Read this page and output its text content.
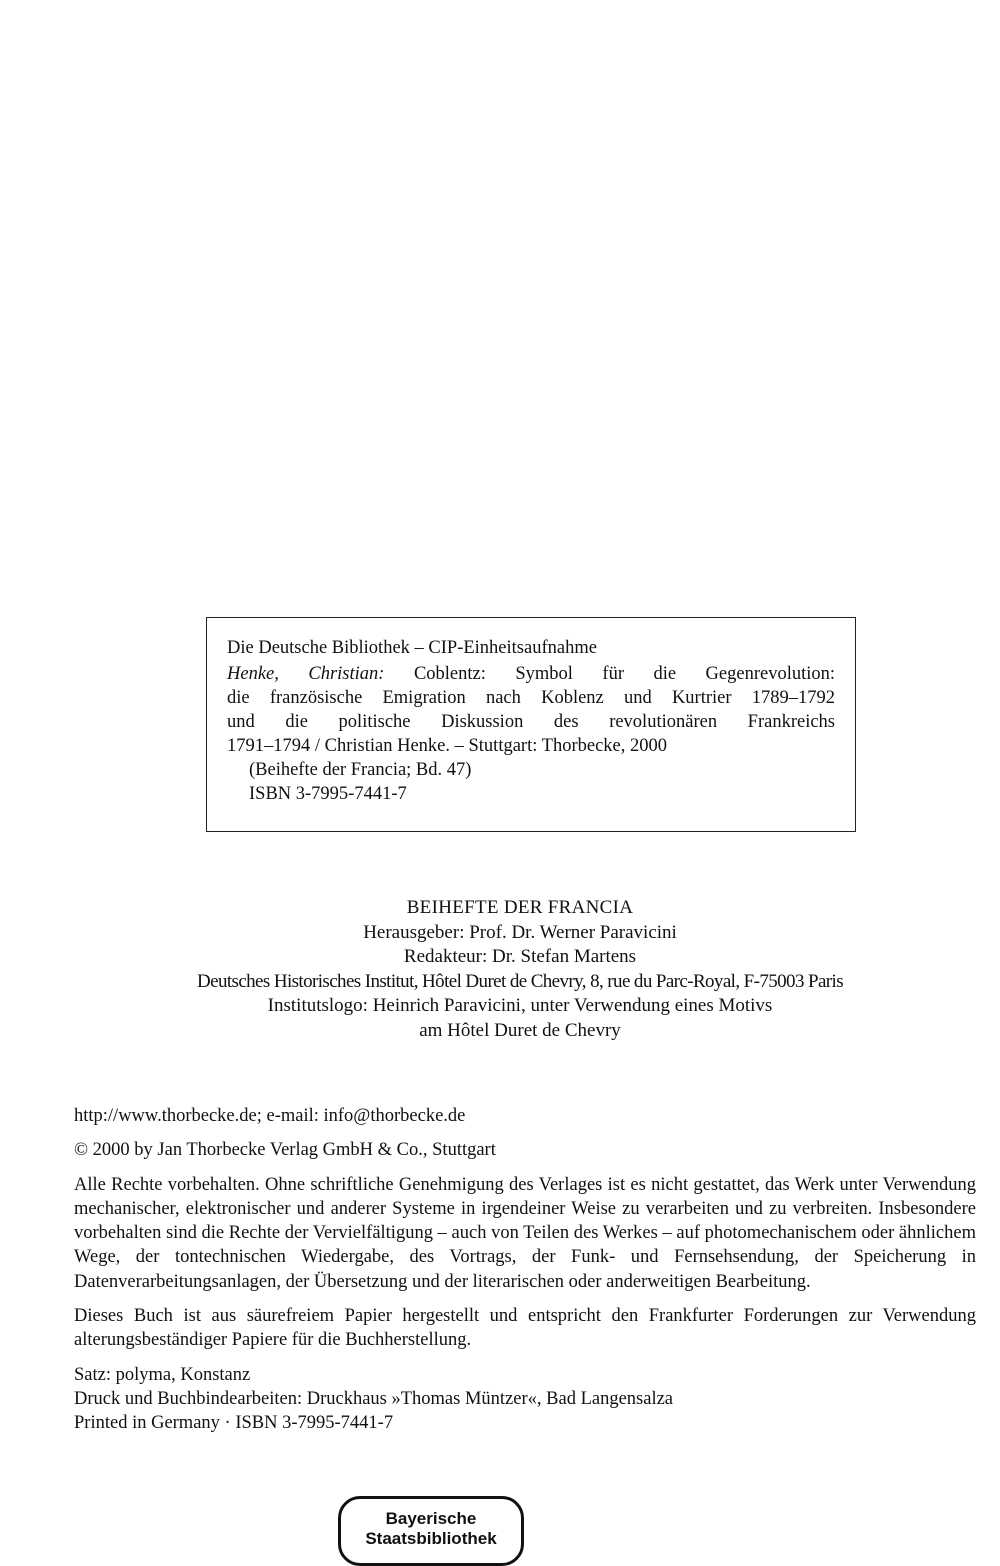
Die Deutsche Bibliothek – CIP-Einheitsaufnahme
Henke, Christian: Coblentz: Symbol für die Gegenrevolution:
die französische Emigration nach Koblenz und Kurtrier 1789–1792
und die politische Diskussion des revolutionären Frankreichs
1791–1794 / Christian Henke. – Stuttgart: Thorbecke, 2000
(Beihefte der Francia; Bd. 47)
ISBN 3-7995-7441-7
BEIHEFTE DER FRANCIA
Herausgeber: Prof. Dr. Werner Paravicini
Redakteur: Dr. Stefan Martens
Deutsches Historisches Institut, Hôtel Duret de Chevry, 8, rue du Parc-Royal, F-75003 Paris
Institutslogo: Heinrich Paravicini, unter Verwendung eines Motivs
am Hôtel Duret de Chevry

http://www.thorbecke.de; e-mail: info@thorbecke.de

© 2000 by Jan Thorbecke Verlag GmbH & Co., Stuttgart

Alle Rechte vorbehalten. Ohne schriftliche Genehmigung des Verlages ist es nicht gestattet, das Werk unter Verwendung mechanischer, elektronischer und anderer Systeme in irgendeiner Weise zu verarbeiten und zu verbreiten. Insbesondere vorbehalten sind die Rechte der Vervielfältigung – auch von Teilen des Werkes – auf photomechanischem oder ähnlichem Wege, der tontechnischen Wiedergabe, des Vortrags, der Funk- und Fernsehsendung, der Speicherung in Datenverarbeitungsanlagen, der Übersetzung und der literarischen oder anderweitigen Bearbeitung.

Dieses Buch ist aus säurefreiem Papier hergestellt und entspricht den Frankfurter Forderungen zur Verwendung alterungsbeständiger Papiere für die Buchherstellung.

Satz: polyma, Konstanz

Druck und Buchbindearbeiten: Druckhaus »Thomas Müntzer«, Bad Langensalza

Printed in Germany · ISBN 3-7995-7441-7

Bayerische
Staatsbibliothek
